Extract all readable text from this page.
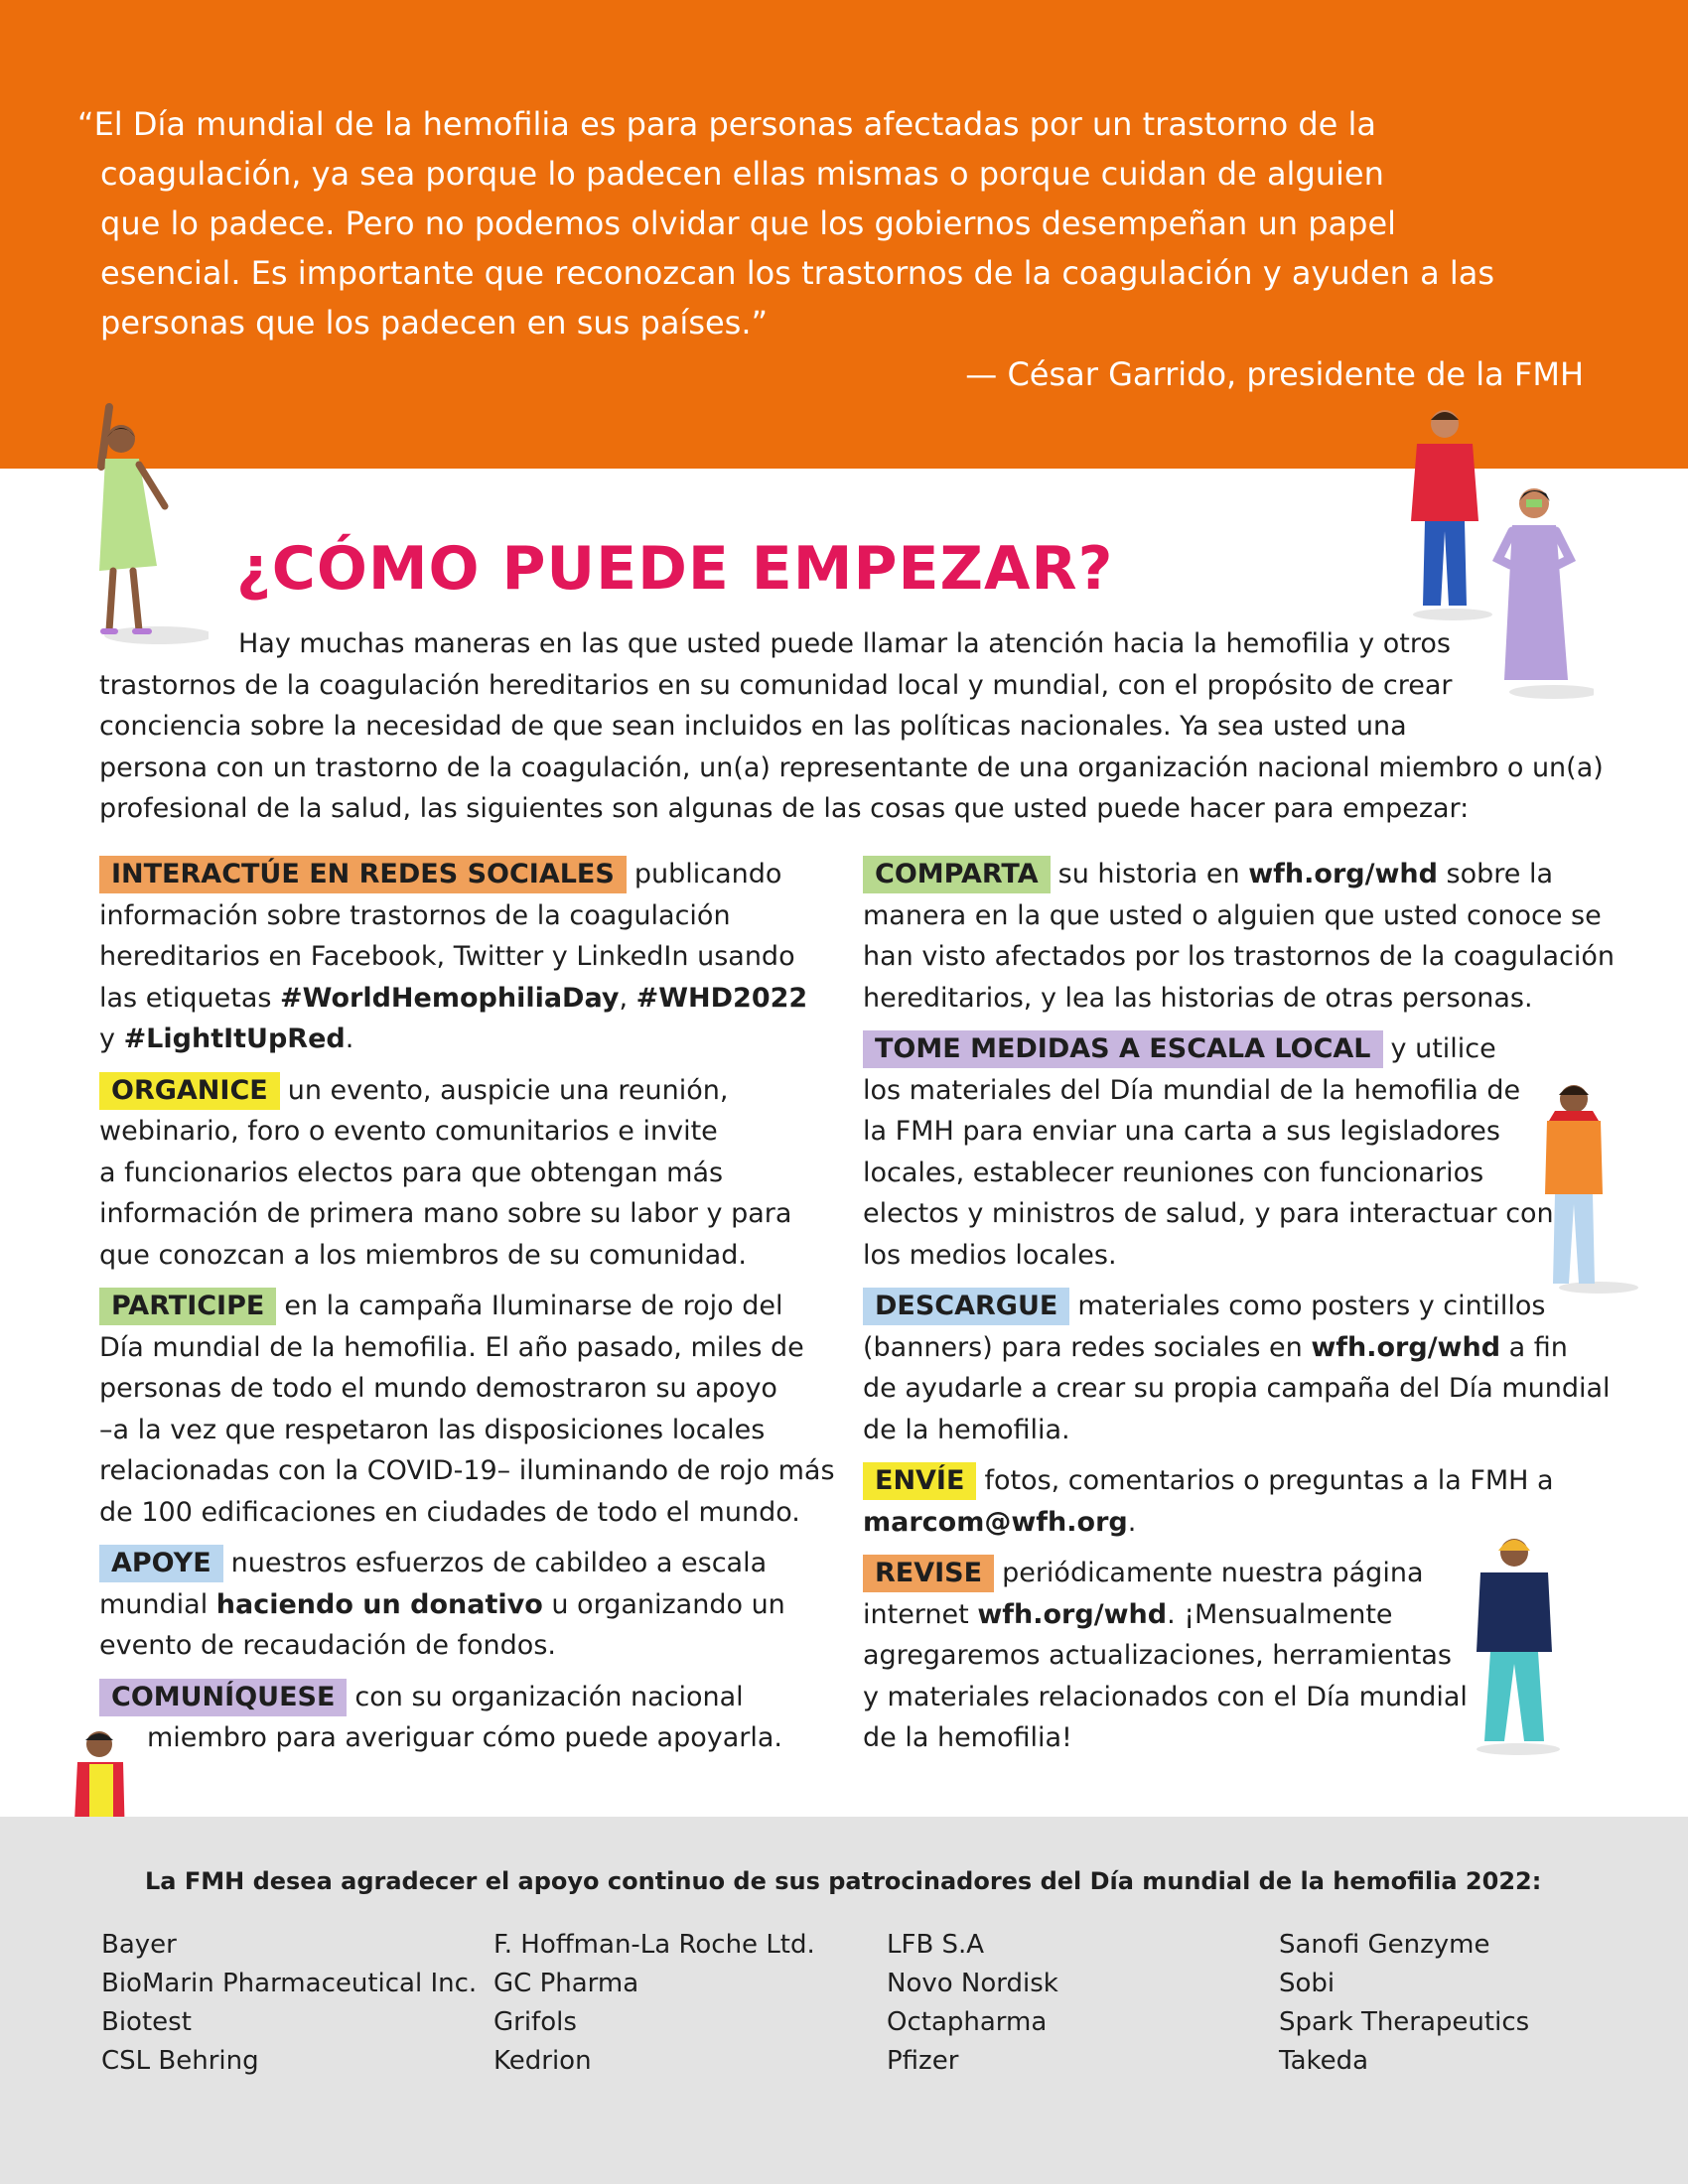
“El Día mundial de la hemofilia es para personas afectadas por un trastorno de la
coagulación, ya sea porque lo padecen ellas mismas o porque cuidan de alguien
que lo padece. Pero no podemos olvidar que los gobiernos desempeñan un papel
esencial. Es importante que reconozcan los trastornos de la coagulación y ayuden a las
personas que los padecen en sus países.”
— César Garrido, presidente de la FMH
¿CÓMO PUEDE EMPEZAR?
Hay muchas maneras en las que usted puede llamar la atención hacia la hemofilia y otros
trastornos de la coagulación hereditarios en su comunidad local y mundial, con el propósito de crear
conciencia sobre la necesidad de que sean incluidos en las políticas nacionales. Ya sea usted una
persona con un trastorno de la coagulación, un(a) representante de una organización nacional miembro o un(a)
profesional de la salud, las siguientes son algunas de las cosas que usted puede hacer para empezar:
INTERACTÚE EN REDES SOCIALES publicando
información sobre trastornos de la coagulación
hereditarios en Facebook, Twitter y LinkedIn usando
las etiquetas #WorldHemophiliaDay, #WHD2022
y #LightItUpRed.
ORGANICE un evento, auspicie una reunión,
webinario, foro o evento comunitarios e invite
a funcionarios electos para que obtengan más
información de primera mano sobre su labor y para
que conozcan a los miembros de su comunidad.
PARTICIPE en la campaña Iluminarse de rojo del
Día mundial de la hemofilia. El año pasado, miles de
personas de todo el mundo demostraron su apoyo
–a la vez que respetaron las disposiciones locales
relacionadas con la COVID-19– iluminando de rojo más
de 100 edificaciones en ciudades de todo el mundo.
APOYE nuestros esfuerzos de cabildeo a escala
mundial haciendo un donativo u organizando un
evento de recaudación de fondos.
COMUNÍQUESE con su organización nacional
miembro para averiguar cómo puede apoyarla.
COMPARTA su historia en wfh.org/whd sobre la
manera en la que usted o alguien que usted conoce se
han visto afectados por los trastornos de la coagulación
hereditarios, y lea las historias de otras personas.
TOME MEDIDAS A ESCALA LOCAL y utilice
los materiales del Día mundial de la hemofilia de
la FMH para enviar una carta a sus legisladores
locales, establecer reuniones con funcionarios
electos y ministros de salud, y para interactuar con
los medios locales.
DESCARGUE materiales como posters y cintillos
(banners) para redes sociales en wfh.org/whd a fin
de ayudarle a crear su propia campaña del Día mundial
de la hemofilia.
ENVÍE fotos, comentarios o preguntas a la FMH a
marcom@wfh.org.
REVISE periódicamente nuestra página
internet wfh.org/whd. ¡Mensualmente
agregaremos actualizaciones, herramientas
y materiales relacionados con el Día mundial
de la hemofilia!
La FMH desea agradecer el apoyo continuo de sus patrocinadores del Día mundial de la hemofilia 2022:
Bayer
BioMarin Pharmaceutical Inc.
Biotest
CSL Behring
F. Hoffman-La Roche Ltd.
GC Pharma
Grifols
Kedrion
LFB S.A
Novo Nordisk
Octapharma
Pfizer
Sanofi Genzyme
Sobi
Spark Therapeutics
Takeda
